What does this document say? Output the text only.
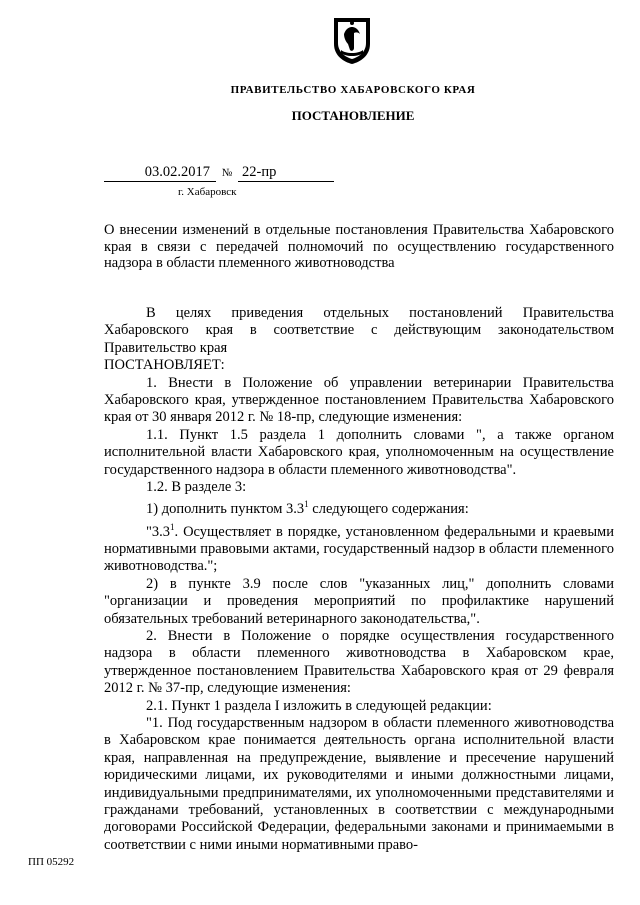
ПРАВИТЕЛЬСТВО ХАБАРОВСКОГО КРАЯ
ПОСТАНОВЛЕНИЕ
03.02.2017 № 22-пр
г. Хабаровск
О внесении изменений в отдельные постановления Правительства Хабаровского края в связи с передачей полномочий по осуществлению государственного надзора в области племенного животноводства

В целях приведения отдельных постановлений Правительства Хабаровского края в соответствие с действующим законодательством Правительство края

ПОСТАНОВЛЯЕТ:

1. Внести в Положение об управлении ветеринарии Правительства Хабаровского края, утвержденное постановлением Правительства Хабаровского края от 30 января 2012 г. № 18-пр, следующие изменения:

1.1. Пункт 1.5 раздела 1 дополнить словами ", а также органом исполнительной власти Хабаровского края, уполномоченным на осуществление государственного надзора в области племенного животноводства".

1.2. В разделе 3:

1) дополнить пунктом $3.3^1$ следующего содержания:

"$3.3^1$. Осуществляет в порядке, установленном федеральными и краевыми нормативными правовыми актами, государственный надзор в области племенного животноводства.";

2) в пункте 3.9 после слов "указанных лиц," дополнить словами "организации и проведения мероприятий по профилактике нарушений обязательных требований ветеринарного законодательства,".

2. Внести в Положение о порядке осуществления государственного надзора в области племенного животноводства в Хабаровском крае, утвержденное постановлением Правительства Хабаровского края от 29 февраля 2012 г. № 37-пр, следующие изменения:

2.1. Пункт 1 раздела I изложить в следующей редакции:

"1. Под государственным надзором в области племенного животноводства в Хабаровском крае понимается деятельность органа исполнительной власти края, направленная на предупреждение, выявление и пресечение нарушений юридическими лицами, их руководителями и иными должностными лицами, индивидуальными предпринимателями, их уполномоченными представителями и гражданами требований, установленных в соответствии с международными договорами Российской Федерации, федеральными законами и принимаемыми в соответствии с ними иными нормативными право-

ПП 05292
